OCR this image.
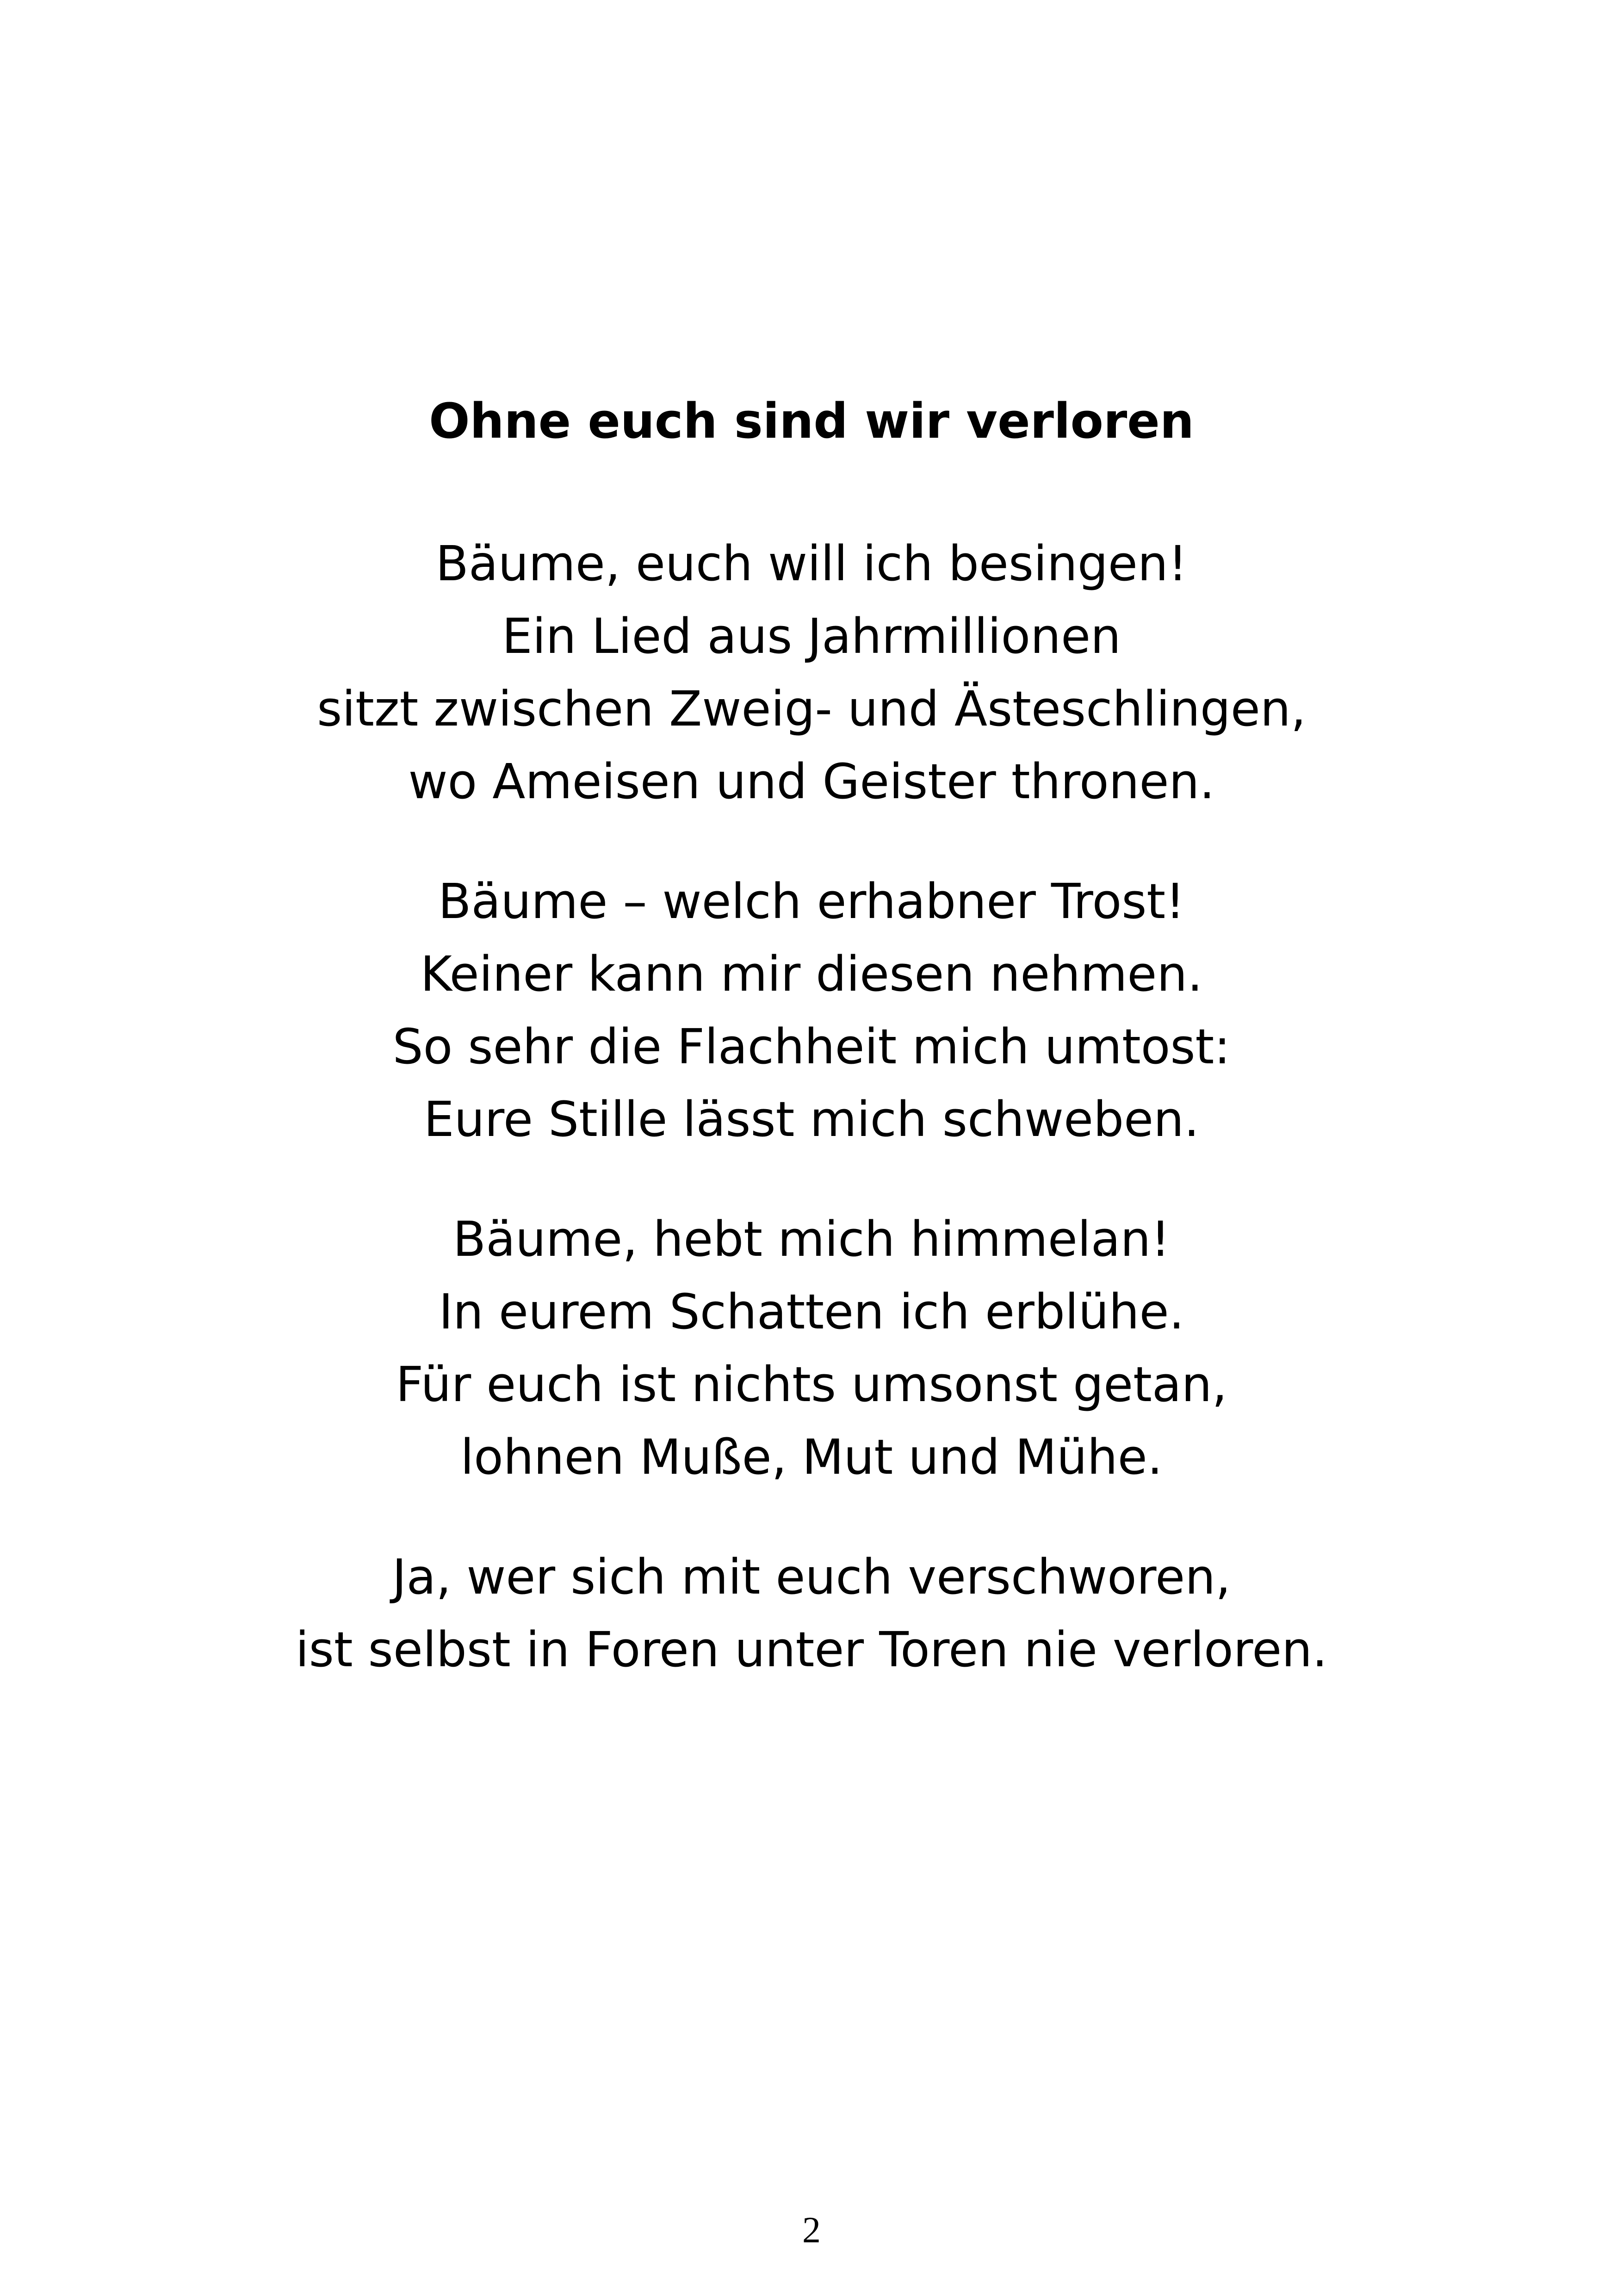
Ohne euch sind wir verloren
Bäume, euch will ich besingen!
Ein Lied aus Jahrmillionen
sitzt zwischen Zweig- und Ästeschlingen,
wo Ameisen und Geister thronen.
Bäume – welch erhabner Trost!
Keiner kann mir diesen nehmen.
So sehr die Flachheit mich umtost:
Eure Stille lässt mich schweben.
Bäume, hebt mich himmelan!
In eurem Schatten ich erblühe.
Für euch ist nichts umsonst getan,
lohnen Muße, Mut und Mühe.
Ja, wer sich mit euch verschworen,
ist selbst in Foren unter Toren nie verloren.
2
